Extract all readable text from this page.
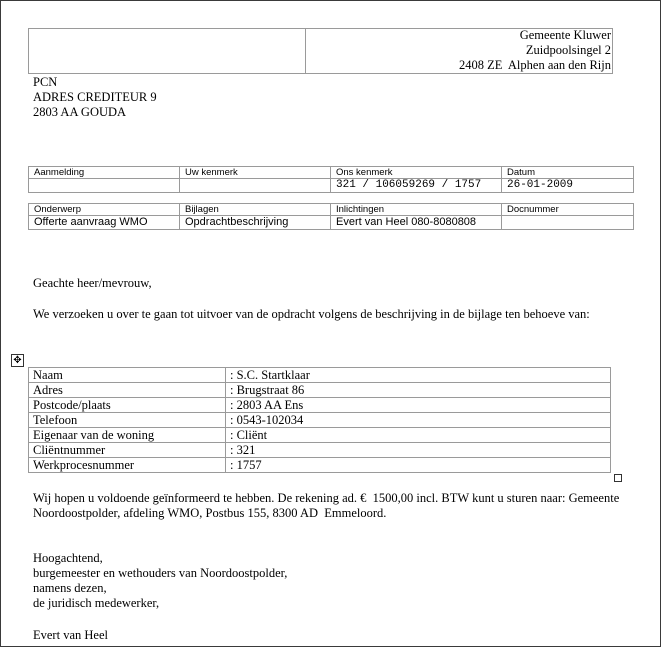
Gemeente Kluwer
Zuidpoolsingel 2
2408 ZE  Alphen aan den Rijn
PCN
ADRES CREDITEUR 9
2803 AA GOUDA
Aanmelding	Uw kenmerk	Ons kenmerk	Datum
		321 / 106059269 / 1757	26-01-2009

Onderwerp	Bijlagen	Inlichtingen	Docnummer
Offerte aanvraag WMO	Opdrachtbeschrijving	Evert van Heel 080-8080808	
Geachte heer/mevrouw,
We verzoeken u over te gaan tot uitvoer van de opdracht volgens de beschrijving in de bijlage ten behoeve van:
✥
Naam	: S.C. Startklaar
Adres	: Brugstraat 86
Postcode/plaats	: 2803 AA Ens
Telefoon	: 0543-102034
Eigenaar van de woning	: Cliënt
Cliëntnummer	: 321
Werkprocesnummer	: 1757
Wij hopen u voldoende geïnformeerd te hebben. De rekening ad. €  1500,00 incl. BTW kunt u sturen naar: Gemeente Noordoostpolder, afdeling WMO, Postbus 155, 8300 AD  Emmeloord.
Hoogachtend,
burgemeester en wethouders van Noordoostpolder,
namens dezen,
de juridisch medewerker,
Evert van Heel
